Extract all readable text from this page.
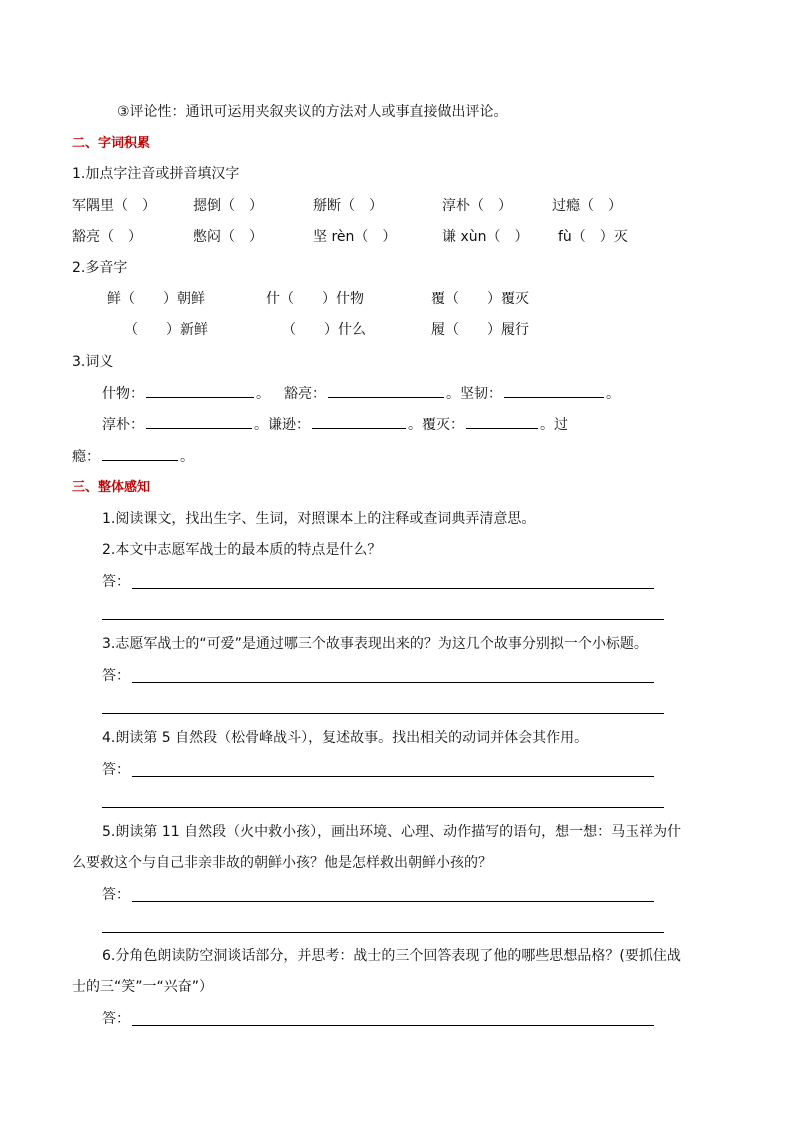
③评论性：通讯可运用夹叙夹议的方法对人或事直接做出评论。
二、字词积累
1.加点字注音或拼音填汉字
军隅里（　）	摁倒（　）	掰断（　）	淳朴（　）	过瘾（　）
豁亮（　）	憋闷（　）	坚 rèn（　）	谦 xùn（　） fù（　）灭
2.多音字
鲜（　　）朝鲜	什（　　）什物	覆（　　）覆灭
（　　）新鲜	（　　）什么	履（　　）履行
3.词义
什物：	。 豁亮：	。坚韧：	。
淳朴：	。谦逊：	。覆灭：	。过
瘾：	。
三、整体感知
1.阅读课文，找出生字、生词，对照课本上的注释或查词典弄清意思。
2.本文中志愿军战士的最本质的特点是什么？
答：
3.志愿军战士的“可爱”是通过哪三个故事表现出来的？为这几个故事分别拟一个小标题。
答：
4.朗读第 5 自然段（松骨峰战斗），复述故事。找出相关的动词并体会其作用。
答：
5.朗读第 11 自然段（火中救小孩），画出环境、心理、动作描写的语句，想一想：马玉祥为什
么要救这个与自己非亲非故的朝鲜小孩？他是怎样救出朝鲜小孩的？
答：
6.分角色朗读防空洞谈话部分，并思考：战士的三个回答表现了他的哪些思想品格？(要抓住战
士的三“笑”一“兴奋”）
答：
